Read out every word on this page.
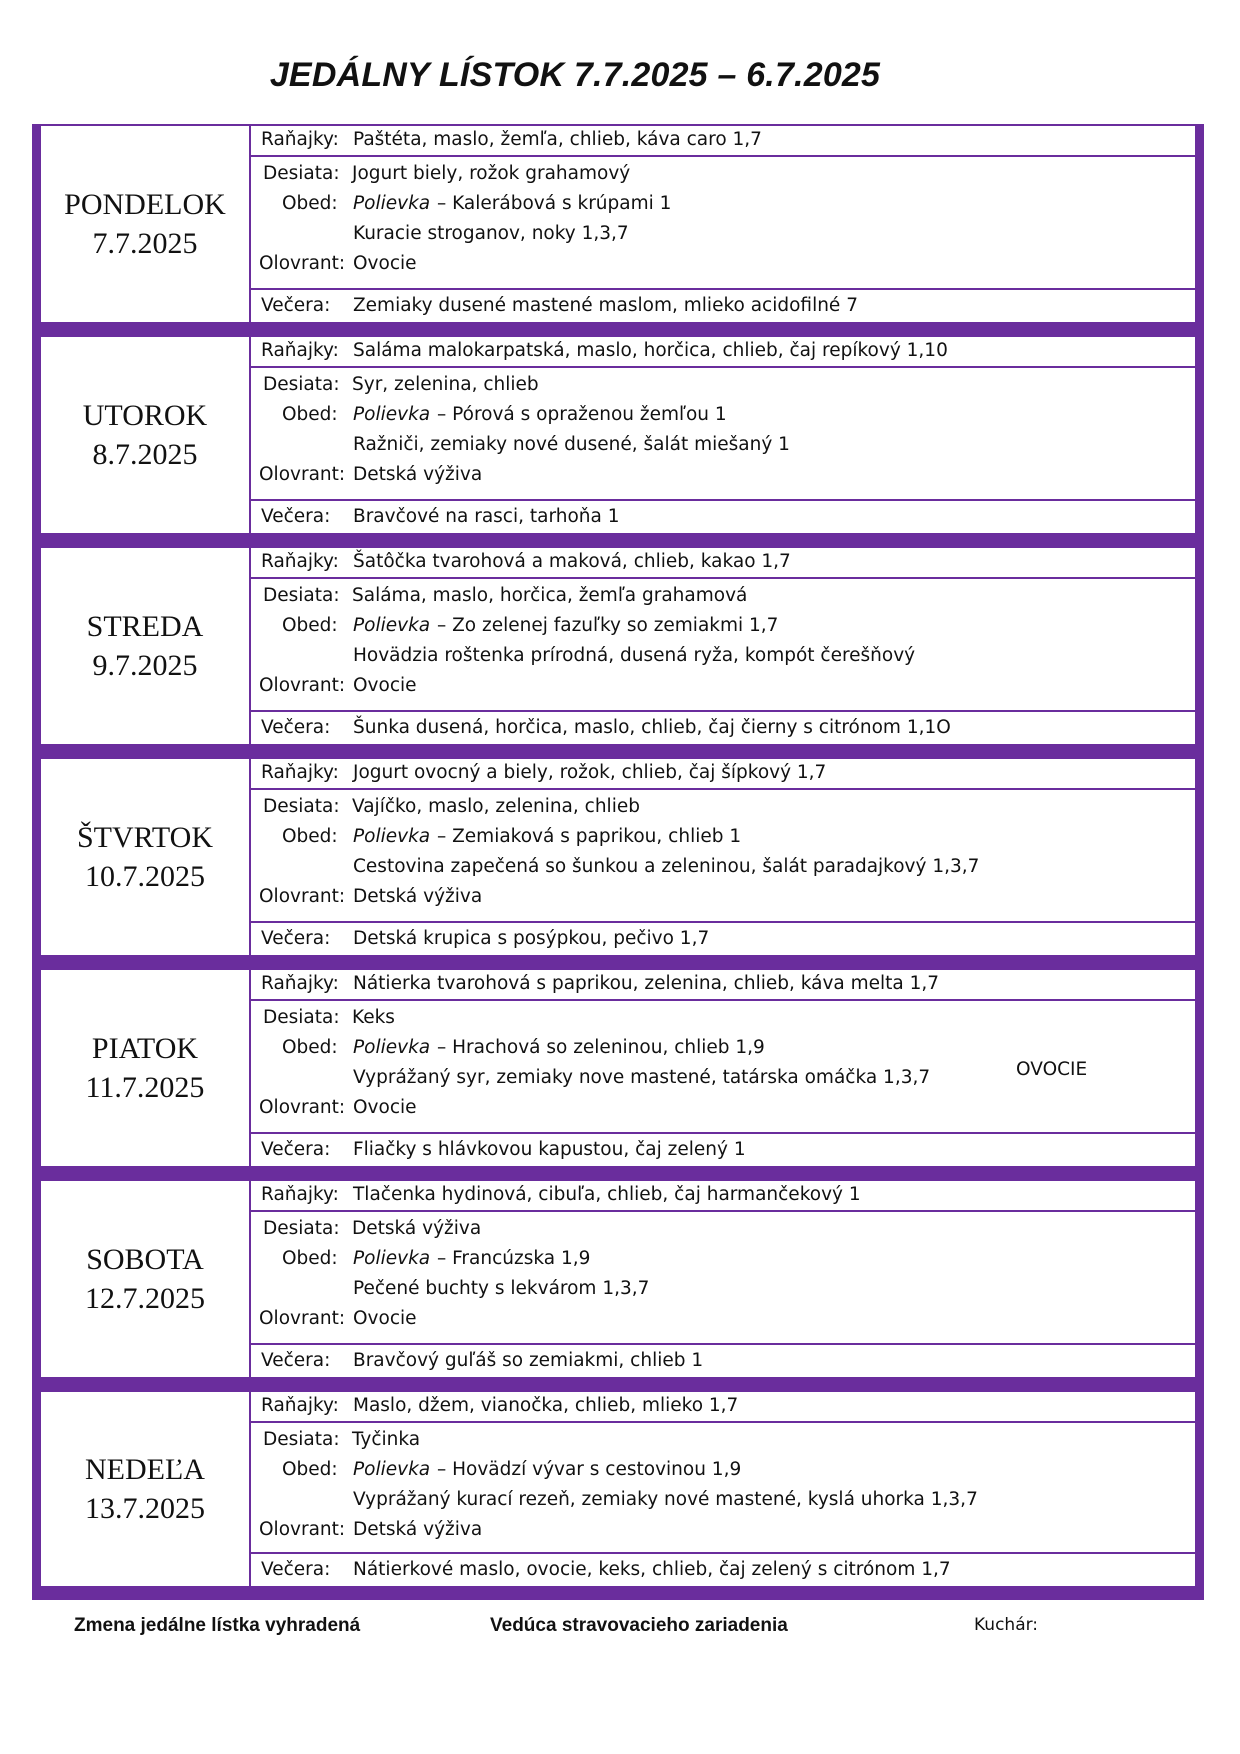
JEDÁLNY LÍSTOK 7.7.2025 – 6.7.2025
PONDELOK
7.7.2025
Raňajky: Paštéta, maslo, žemľa, chlieb, káva caro 1,7
Desiata: Jogurt biely, rožok grahamový
Obed: Polievka – Kalerábová s krúpami 1
Kuracie stroganov, noky 1,3,7
Olovrant: Ovocie
Večera: Zemiaky dusené mastené maslom, mlieko acidofilné 7
UTOROK
8.7.2025
Raňajky: Saláma malokarpatská, maslo, horčica, chlieb, čaj repíkový 1,10
Desiata: Syr, zelenina, chlieb
Obed: Polievka – Pórová s opraženou žemľou 1
Ražniči, zemiaky nové dusené, šalát miešaný 1
Olovrant: Detská výživa
Večera: Bravčové na rasci, tarhoňa 1
STREDA
9.7.2025
Raňajky: Šatôčka tvarohová a maková, chlieb, kakao 1,7
Desiata: Saláma, maslo, horčica, žemľa grahamová
Obed: Polievka – Zo zelenej fazuľky so zemiakmi 1,7
Hovädzia roštenka prírodná, dusená ryža, kompót čerešňový
Olovrant: Ovocie
Večera: Šunka dusená, horčica, maslo, chlieb, čaj čierny s citrónom 1,1O
ŠTVRTOK
10.7.2025
Raňajky: Jogurt ovocný a biely, rožok, chlieb, čaj šípkový 1,7
Desiata: Vajíčko, maslo, zelenina, chlieb
Obed: Polievka – Zemiaková s paprikou, chlieb 1
Cestovina zapečená so šunkou a zeleninou, šalát paradajkový 1,3,7
Olovrant: Detská výživa
Večera: Detská krupica s posýpkou, pečivo 1,7
PIATOK
11.7.2025
Raňajky: Nátierka tvarohová s paprikou, zelenina, chlieb, káva melta 1,7
Desiata: Keks
Obed: Polievka – Hrachová so zeleninou, chlieb 1,9
Vyprážaný syr, zemiaky nove mastené, tatárska omáčka 1,3,7
Olovrant: Ovocie
OVOCIE
Večera: Fliačky s hlávkovou kapustou, čaj zelený 1
SOBOTA
12.7.2025
Raňajky: Tlačenka hydinová, cibuľa, chlieb, čaj harmančekový 1
Desiata: Detská výživa
Obed: Polievka – Francúzska 1,9
Pečené buchty s lekvárom 1,3,7
Olovrant: Ovocie
Večera: Bravčový guľáš so zemiakmi, chlieb 1
NEDEĽA
13.7.2025
Raňajky: Maslo, džem, vianočka, chlieb, mlieko 1,7
Desiata: Tyčinka
Obed: Polievka – Hovädzí vývar s cestovinou 1,9
Vyprážaný kurací rezeň, zemiaky nové mastené, kyslá uhorka 1,3,7
Olovrant: Detská výživa
Večera: Nátierkové maslo, ovocie, keks, chlieb, čaj zelený s citrónom 1,7
Zmena jedálne lístka vyhradená	Vedúca stravovacieho zariadenia	Kuchár:
